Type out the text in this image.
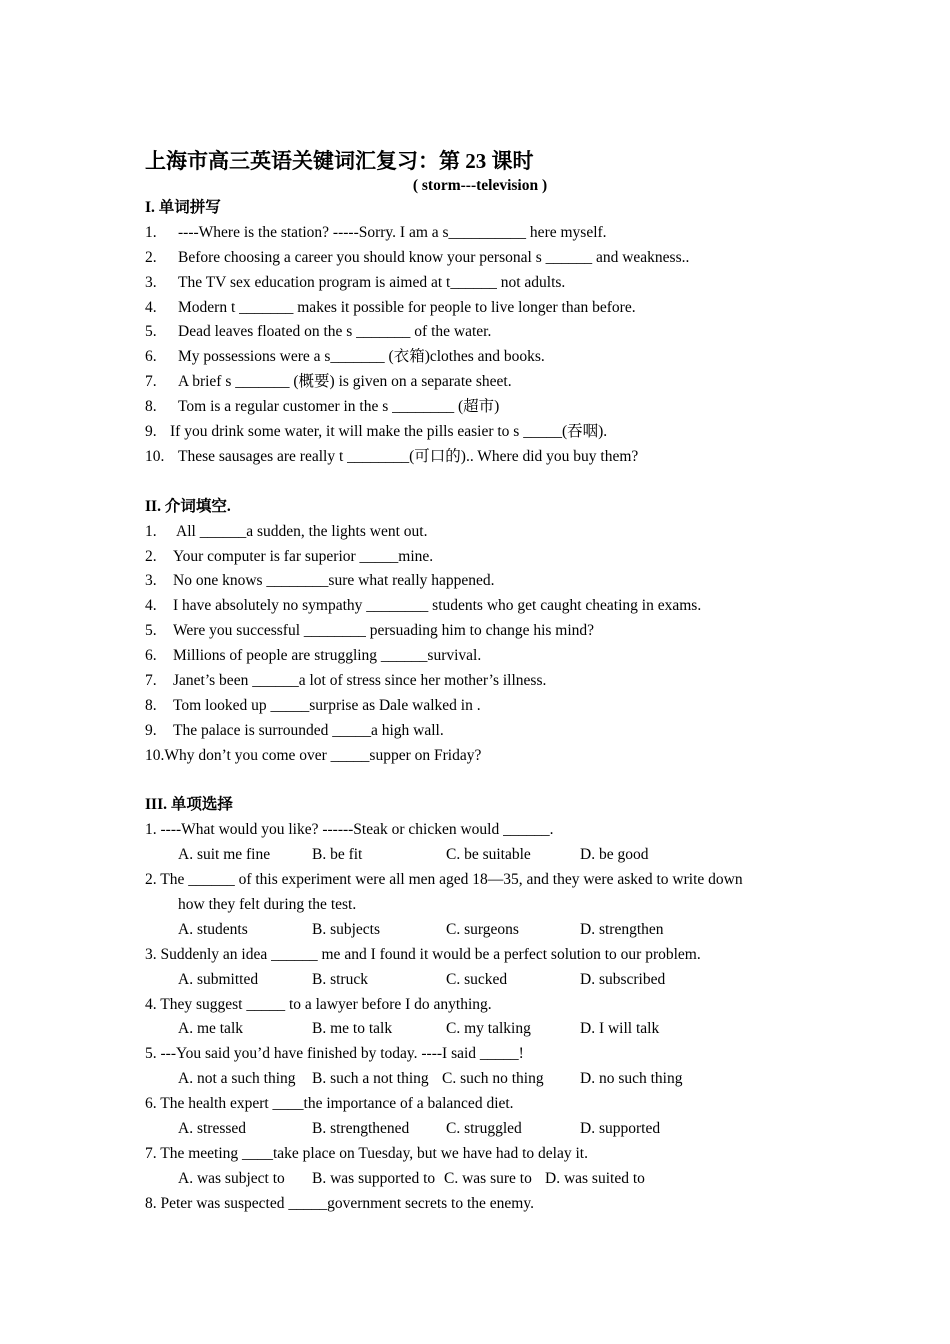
上海市高三英语关键词汇复习：第 23 课时
( storm---television )
I. 单词拼写
1. ----Where is the station? -----Sorry. I am a s__________ here myself.
2. Before choosing a career you should know your personal s ______ and weakness..
3. The TV sex education program is aimed at t______ not adults.
4. Modern t _______ makes it possible for people to live longer than before.
5. Dead leaves floated on the s _______ of the water.
6. My possessions were a s_______ (衣箱)clothes and books.
7. A brief s _______ (概要) is given on a separate sheet.
8. Tom is a regular customer in the s ________ (超市)
9. If you drink some water, it will make the pills easier to s _____(吞咽).
10. These sausages are really t ________(可口的).. Where did you buy them?
II. 介词填空.
1. All ______a sudden, the lights went out.
2. Your computer is far superior _____mine.
3. No one knows ________sure what really happened.
4. I have absolutely no sympathy ________ students who get caught cheating in exams.
5. Were you successful ________ persuading him to change his mind?
6. Millions of people are struggling ______survival.
7. Janet’s been ______a lot of stress since her mother’s illness.
8. Tom looked up _____surprise as Dale walked in .
9. The palace is surrounded _____a high wall.
10.Why don’t you come over _____supper on Friday?
III. 单项选择
1. ----What would you like? ------Steak or chicken would ______.
A. suit me fine	B. be fit	C. be suitable	D. be good
2. The ______ of this experiment were all men aged 18—35, and they were asked to write down
how they felt during the test.
A. students	B. subjects	C. surgeons	D. strengthen
3. Suddenly an idea ______ me and I found it would be a perfect solution to our problem.
A. submitted	B. struck	C. sucked	D. subscribed
4. They suggest _____ to a lawyer before I do anything.
A. me talk	B. me to talk	C. my talking	D. I will talk
5. ---You said you’d have finished by today. ----I said _____!
A. not a such thing B. such a not thing C. such no thing D. no such thing
6. The health expert ____the importance of a balanced diet.
A. stressed	B. strengthened C. struggled	D. supported
7. The meeting ____take place on Tuesday, but we have had to delay it.
A. was subject to B. was supported to C. was sure to D. was suited to
8. Peter was suspected _____government secrets to the enemy.
